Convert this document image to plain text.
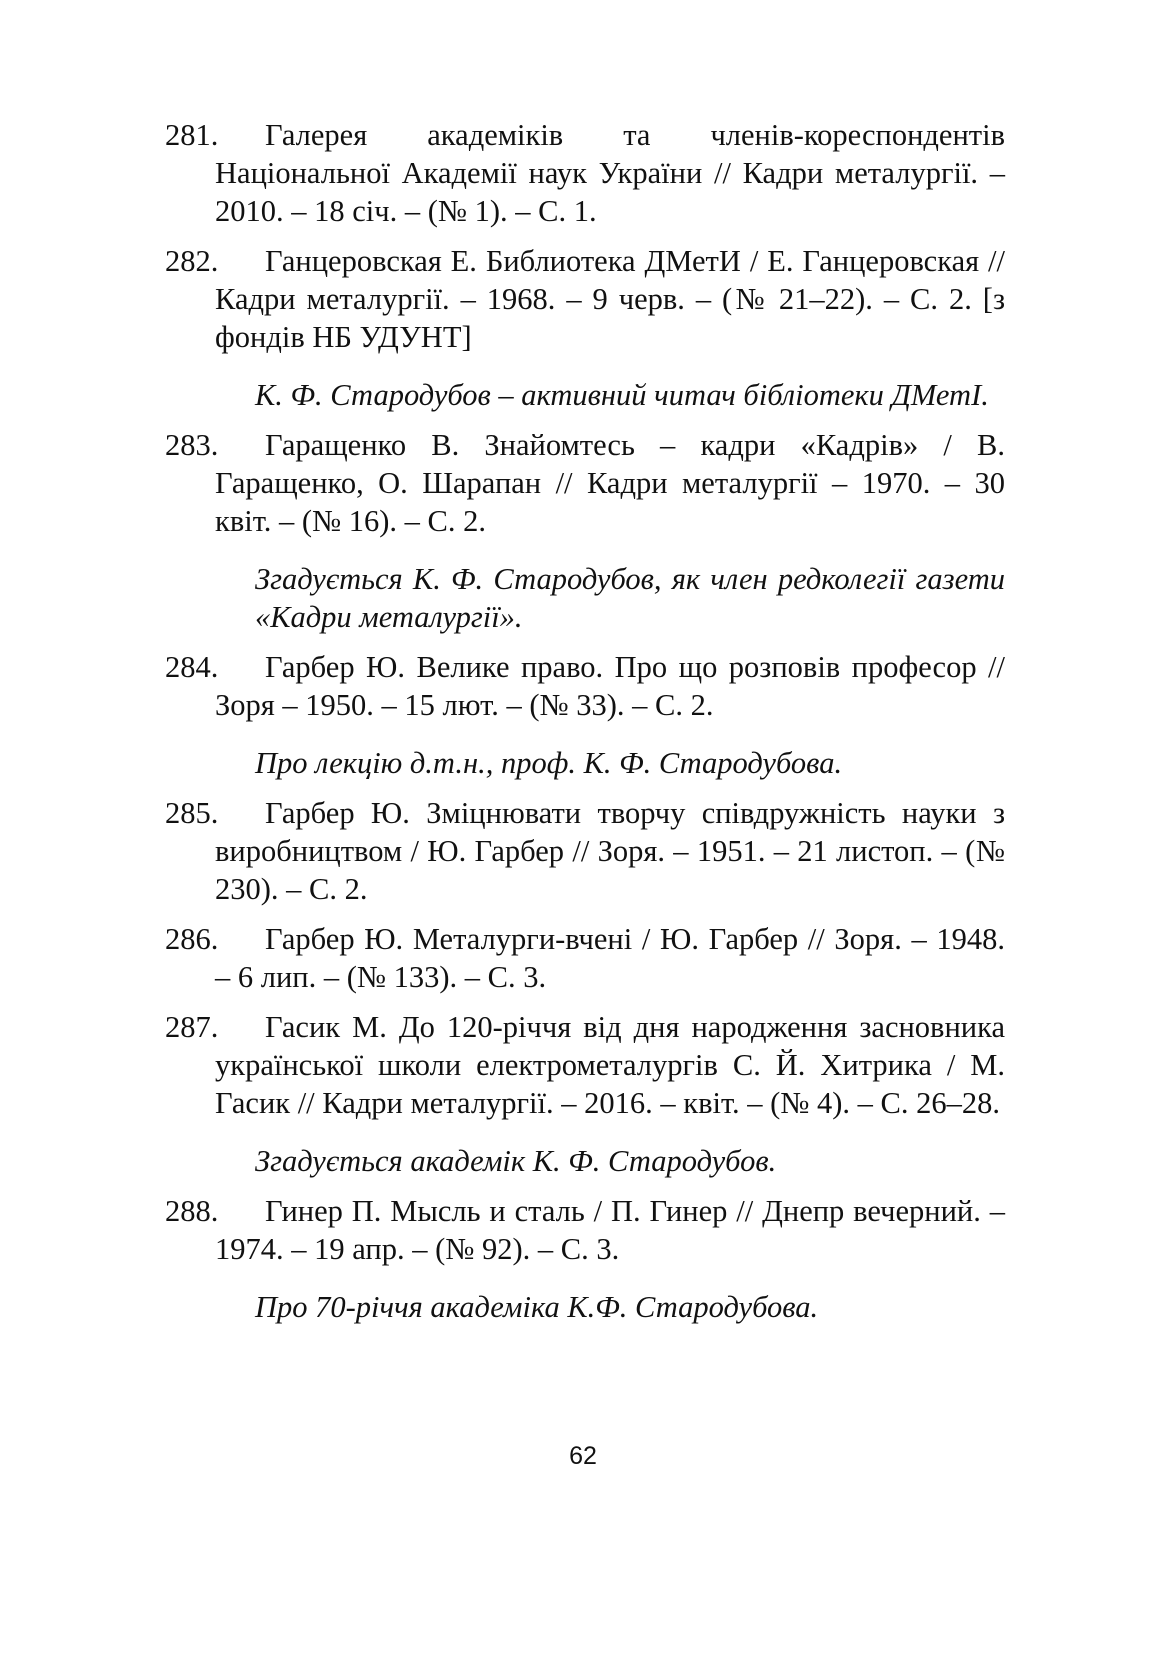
281. Галерея академіків та членів-кореспондентів Національної Академії наук України // Кадри металургії. – 2010. – 18 січ. – (№ 1). – С. 1.
282. Ганцеровская Е. Библиотека ДМетИ / Е. Ганцеровская // Кадри металургії. – 1968. – 9 черв. – (№ 21–22). – С. 2. [з фондів НБ УДУНТ]
К. Ф. Стародубов – активний читач бібліотеки ДМетІ.
283. Гаращенко В. Знайомтесь – кадри «Кадрів» / В. Гаращенко, О. Шарапан // Кадри металургії – 1970. – 30 квіт. – (№ 16). – С. 2.
Згадується К. Ф. Стародубов, як член редколегії газети «Кадри металургії».
284. Гарбер Ю. Велике право. Про що розповів професор // Зоря – 1950. – 15 лют. – (№ 33). – С. 2.
Про лекцію д.т.н., проф. К. Ф. Стародубова.
285. Гарбер Ю. Зміцнювати творчу співдружність науки з виробництвом / Ю. Гарбер // Зоря. – 1951. – 21 листоп. – (№ 230). – С. 2.
286. Гарбер Ю. Металурги-вчені / Ю. Гарбер // Зоря. – 1948. – 6 лип. – (№ 133). – С. 3.
287. Гасик М. До 120-річчя від дня народження засновника української школи електрометалургів С. Й. Хитрика / М. Гасик // Кадри металургії. – 2016. – квіт. – (№ 4). – С. 26–28.
Згадується академік К. Ф. Стародубов.
288. Гинер П. Мысль и сталь / П. Гинер // Днепр вечерний. – 1974. – 19 апр. – (№ 92). – С. 3.
Про 70-річчя академіка К.Ф. Стародубова.
62
